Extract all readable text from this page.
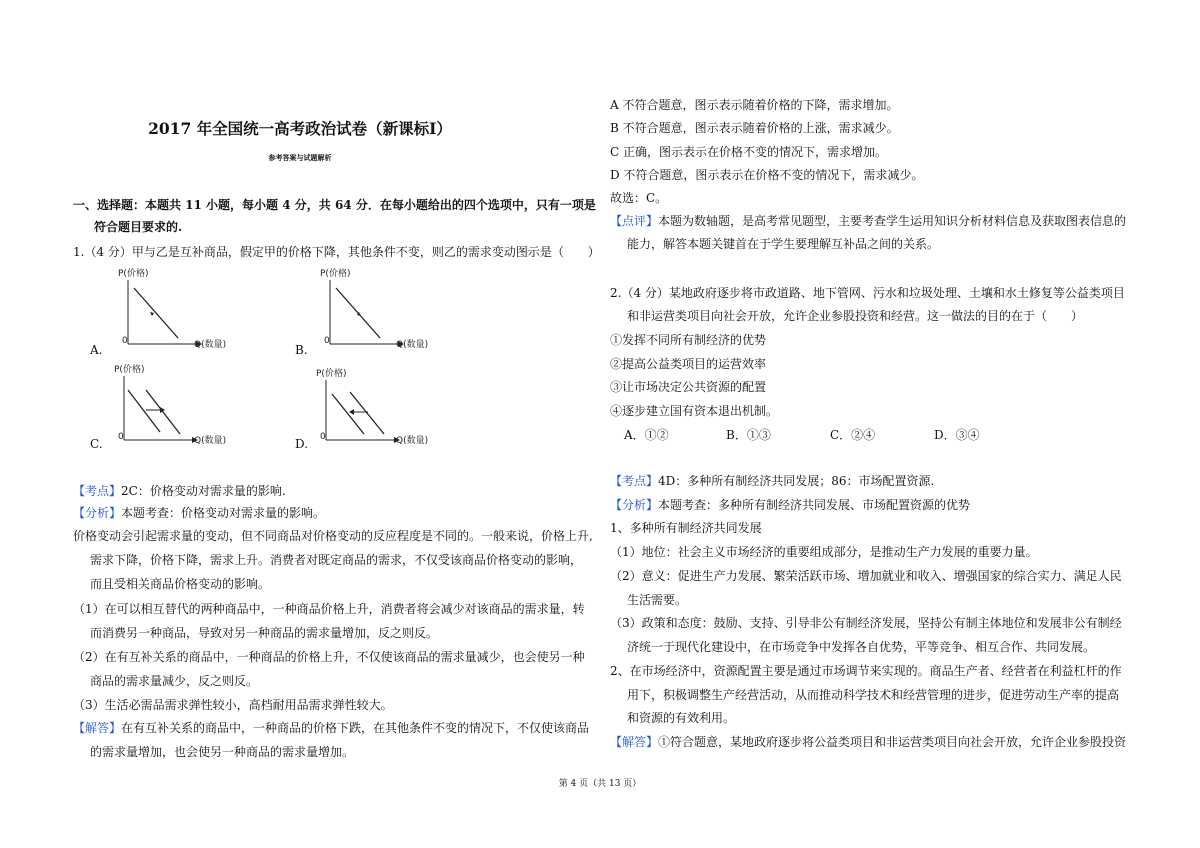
2017 年全国统一高考政治试卷（新课标Ⅰ）
参考答案与试题解析
一、选择题：本题共 11 小题，每小题 4 分，共 64 分．在每小题给出的四个选项中，只有一项是
符合题目要求的.
1.（4 分）甲与乙是互补商品，假定甲的价格下降，其他条件不变，则乙的需求变动图示是（　　）
P(价格)
0	Q(数量)
A.
P(价格)
0	Q(数量)
B.
P(价格)
0	Q(数量)
C.
P(价格)
0	Q(数量)
D.
【考点】2C：价格变动对需求量的影响.
【分析】本题考查：价格变动对需求量的影响。
价格变动会引起需求量的变动，但不同商品对价格变动的反应程度是不同的。一般来说，价格上升,
需求下降，价格下降，需求上升。消费者对既定商品的需求，不仅受该商品价格变动的影响，
而且受相关商品价格变动的影响。
（1）在可以相互替代的两种商品中，一种商品价格上升，消费者将会减少对该商品的需求量，转
而消费另一种商品，导致对另一种商品的需求量增加，反之则反。
（2）在有互补关系的商品中，一种商品的价格上升，不仅使该商品的需求量减少，也会使另一种
商品的需求量减少，反之则反。
（3）生活必需品需求弹性较小，高档耐用品需求弹性较大。
【解答】在有互补关系的商品中，一种商品的价格下跌，在其他条件不变的情况下，不仅使该商品
的需求量增加，也会使另一种商品的需求量增加。
A 不符合题意，图示表示随着价格的下降，需求增加。
B 不符合题意，图示表示随着价格的上涨，需求减少。
C 正确，图示表示在价格不变的情况下，需求增加。
D 不符合题意，图示表示在价格不变的情况下，需求减少。
故选：C。
【点评】本题为数轴题，是高考常见题型，主要考查学生运用知识分析材料信息及获取图表信息的
能力，解答本题关键首在于学生要理解互补品之间的关系。
2.（4 分）某地政府逐步将市政道路、地下管网、污水和垃圾处理、土壤和水土修复等公益类项目
和非运营类项目向社会开放，允许企业参股投资和经营。这一做法的目的在于（　　）
①发挥不同所有制经济的优势
②提高公益类项目的运营效率
③让市场决定公共资源的配置
④逐步建立国有资本退出机制。
A．①②	B．①③	C．②④	D．③④
【考点】4D：多种所有制经济共同发展；86：市场配置资源.
【分析】本题考查：多种所有制经济共同发展、市场配置资源的优势
1、多种所有制经济共同发展
（1）地位：社会主义市场经济的重要组成部分，是推动生产力发展的重要力量。
（2）意义：促进生产力发展、繁荣活跃市场、增加就业和收入、增强国家的综合实力、满足人民
生活需要。
（3）政策和态度：鼓励、支持、引导非公有制经济发展，坚持公有制主体地位和发展非公有制经
济统一于现代化建设中，在市场竞争中发挥各自优势，平等竞争、相互合作、共同发展。
2、在市场经济中，资源配置主要是通过市场调节来实现的。商品生产者、经营者在利益杠杆的作
用下，积极调整生产经营活动，从而推动科学技术和经营管理的进步，促进劳动生产率的提高
和资源的有效利用。
【解答】①符合题意，某地政府逐步将公益类项目和非运营类项目向社会开放，允许企业参股投资
第 4 页（共 13 页）
